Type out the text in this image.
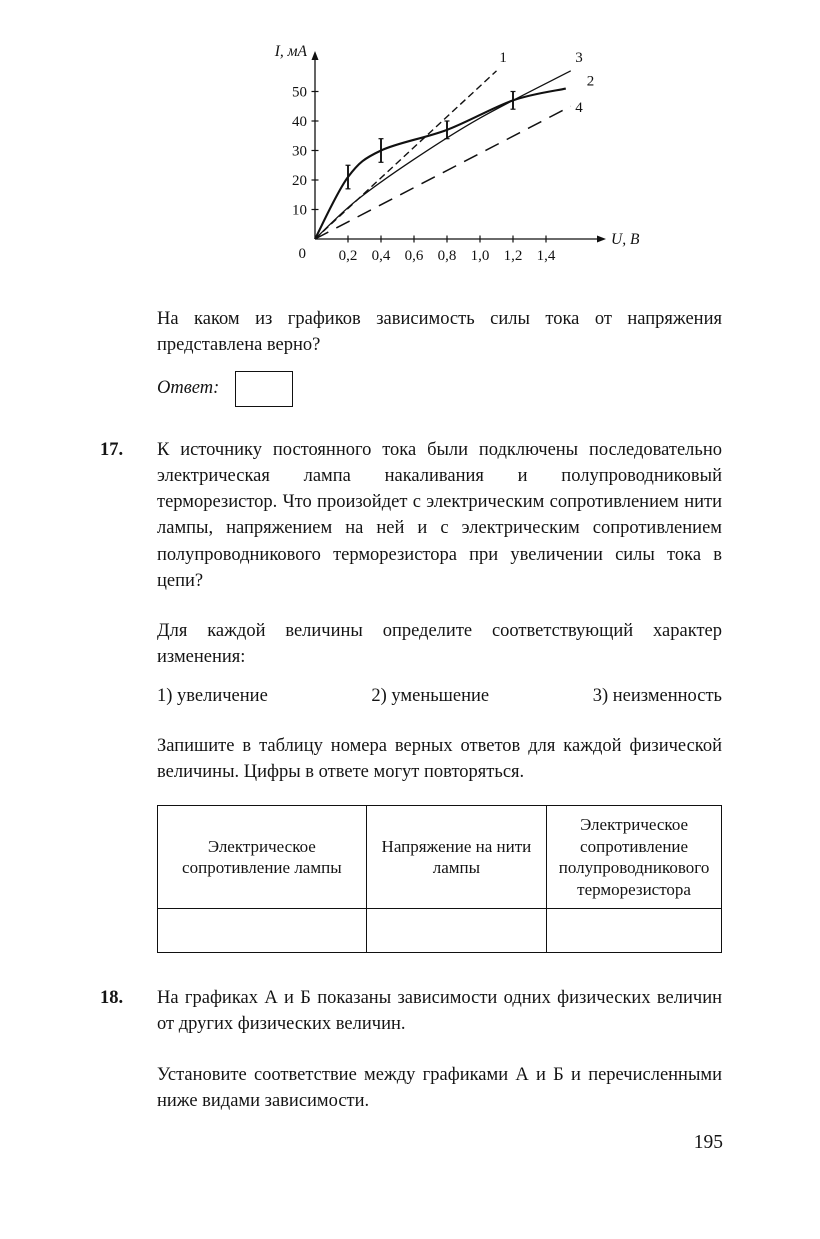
0,2 0,4 0,6 0,8 1,0 1,2 1,4
10
20
30
40
50
0
I, мА
U, В
1
2
3
4

На каком из графиков зависимость силы тока от напряжения представлена верно?

Ответ:
17.	К источнику постоянного тока были подключены последовательно электрическая лампа накаливания и полупроводниковый терморезистор. Что произойдет с электрическим сопротивлением нити лампы, напряжением на ней и с электрическим сопротивлением полупроводникового терморезистора при увеличении силы тока в цепи?

Для каждой величины определите соответствующий характер изменения:

1) увеличение	2) уменьшение	3) неизменность

Запишите в таблицу номера верных ответов для каждой физической величины. Цифры в ответе могут повторяться.

Электрическое сопротивление лампы	Напряжение на нити лампы	Электрическое сопротивление полупроводникового терморезистора

18.	На графиках А и Б показаны зависимости одних физических величин от других физических величин.

Установите соответствие между графиками А и Б и перечисленными ниже видами зависимости.

195
